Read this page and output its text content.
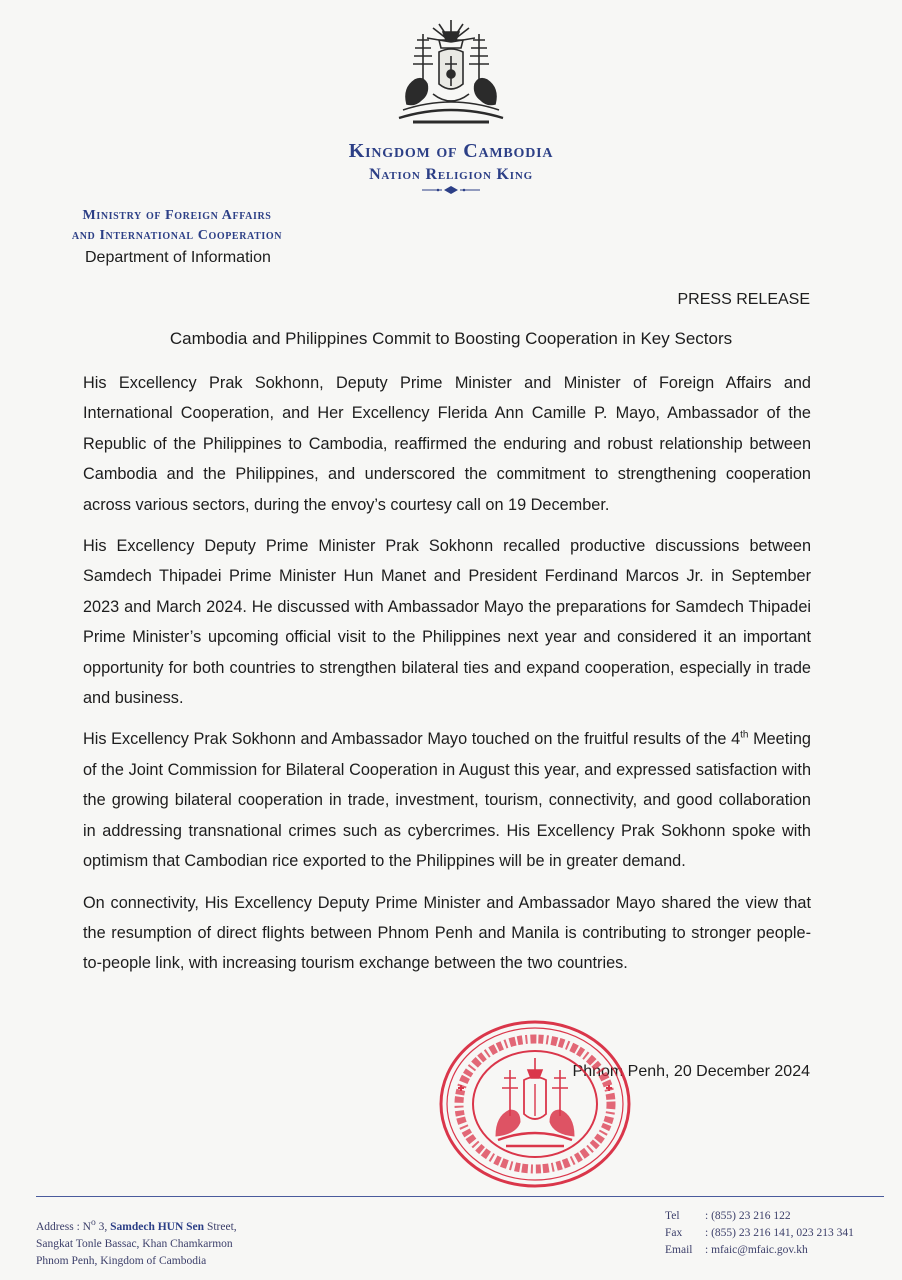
Kingdom of Cambodia
Nation Religion King
Ministry of Foreign Affairs
and International Cooperation
Department of Information
PRESS RELEASE
Cambodia and Philippines Commit to Boosting Cooperation in Key Sectors

His Excellency Prak Sokhonn, Deputy Prime Minister and Minister of Foreign Affairs and International Cooperation, and Her Excellency Flerida Ann Camille P. Mayo, Ambassador of the Republic of the Philippines to Cambodia, reaffirmed the enduring and robust relationship between Cambodia and the Philippines, and underscored the commitment to strengthening cooperation across various sectors, during the envoy’s courtesy call on 19 December.

His Excellency Deputy Prime Minister Prak Sokhonn recalled productive discussions between Samdech Thipadei Prime Minister Hun Manet and President Ferdinand Marcos Jr. in September 2023 and March 2024. He discussed with Ambassador Mayo the preparations for Samdech Thipadei Prime Minister’s upcoming official visit to the Philippines next year and considered it an important opportunity for both countries to strengthen bilateral ties and expand cooperation, especially in trade and business.

His Excellency Prak Sokhonn and Ambassador Mayo touched on the fruitful results of the 4th Meeting of the Joint Commission for Bilateral Cooperation in August this year, and expressed satisfaction with the growing bilateral cooperation in trade, investment, tourism, connectivity, and good collaboration in addressing transnational crimes such as cybercrimes. His Excellency Prak Sokhonn spoke with optimism that Cambodian rice exported to the Philippines will be in greater demand.

On connectivity, His Excellency Deputy Prime Minister and Ambassador Mayo shared the view that the resumption of direct flights between Phnom Penh and Manila is contributing to stronger people-to-people link, with increasing tourism exchange between the two countries.

Phnom Penh, 20 December 2024
Address : $N^o$ 3, Samdech HUN Sen Street,
Sangkat Tonle Bassac, Khan Chamkarmon
Phnom Penh, Kingdom of Cambodia
Tel : (855) 23 216 122
Fax : (855) 23 216 141, 023 213 341
Email : mfaic@mfaic.gov.kh
